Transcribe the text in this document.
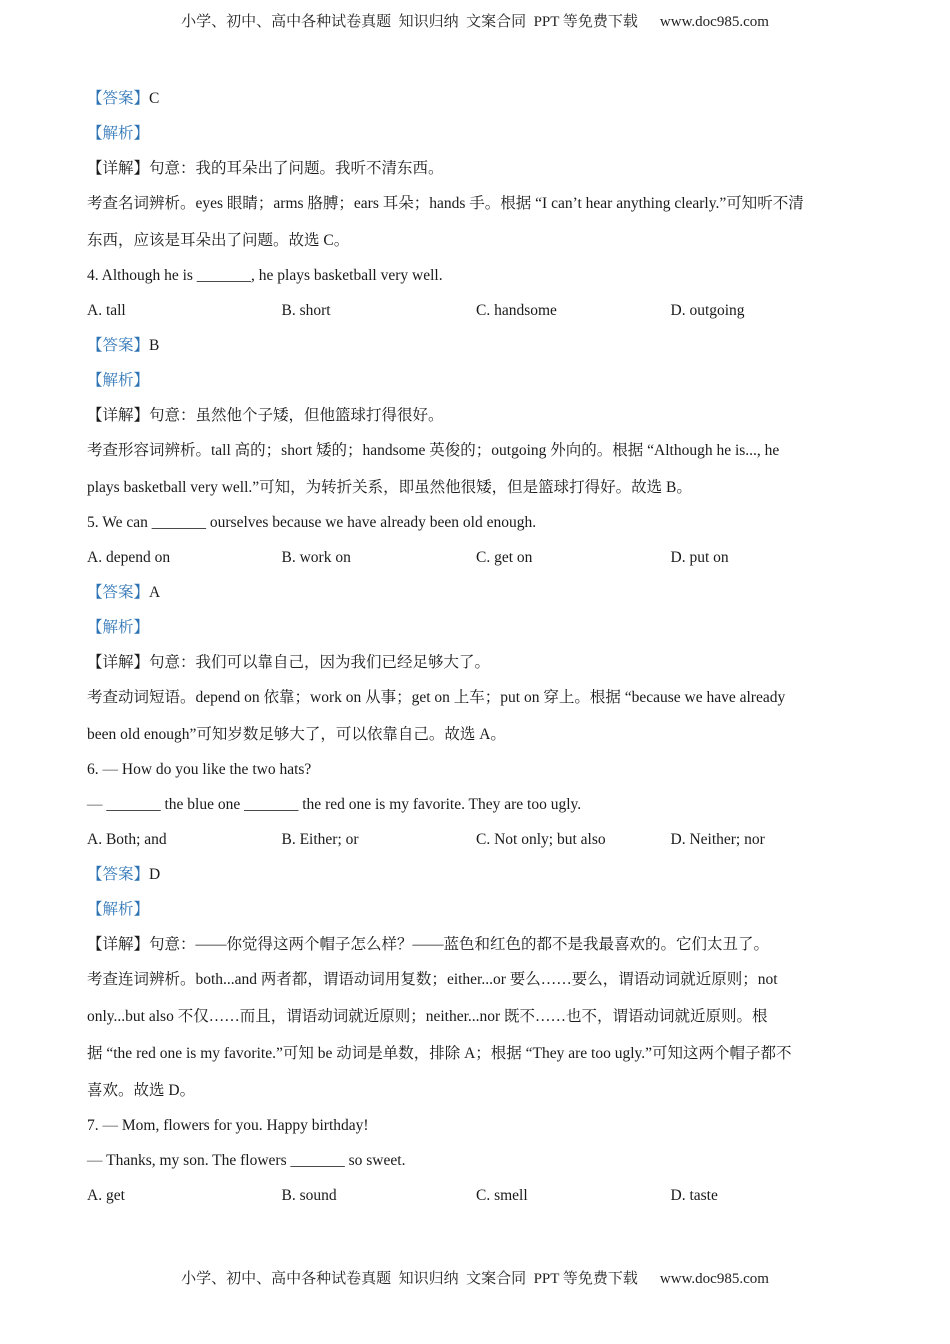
小学、初中、高中各种试卷真题  知识归纳  文案合同  PPT 等免费下载 www.doc985.com
【答案】C
【解析】
【详解】句意：我的耳朵出了问题。我听不清东西。
考查名词辨析。eyes 眼睛；arms 胳膊；ears 耳朵；hands 手。根据 “I can’t hear anything clearly.”可知听不清
东西，应该是耳朵出了问题。故选 C。
4. Although he is _______, he plays basketball very well.
A. tall	B. short	C. handsome	D. outgoing
【答案】B
【解析】
【详解】句意：虽然他个子矮，但他篮球打得很好。
考查形容词辨析。tall 高的；short 矮的；handsome 英俊的；outgoing 外向的。根据 “Although he is..., he
plays basketball very well.”可知，为转折关系，即虽然他很矮，但是篮球打得好。故选 B。
5. We can _______ ourselves because we have already been old enough.
A. depend on	B. work on	C. get on	D. put on
【答案】A
【解析】
【详解】句意：我们可以靠自己，因为我们已经足够大了。
考查动词短语。depend on 依靠；work on 从事；get on 上车；put on 穿上。根据 “because we have already
been old enough”可知岁数足够大了，可以依靠自己。故选 A。
6. — How do you like the two hats?
— _______ the blue one _______ the red one is my favorite. They are too ugly.
A. Both; and	B. Either; or	C. Not only; but also	D. Neither; nor
【答案】D
【解析】
【详解】句意：——你觉得这两个帽子怎么样？——蓝色和红色的都不是我最喜欢的。它们太丑了。
考查连词辨析。both...and 两者都，谓语动词用复数；either...or 要么……要么，谓语动词就近原则；not
only...but also 不仅……而且，谓语动词就近原则；neither...nor 既不……也不，谓语动词就近原则。根
据 “the red one is my favorite.”可知 be 动词是单数，排除 A；根据 “They are too ugly.”可知这两个帽子都不
喜欢。故选 D。
7. — Mom, flowers for you. Happy birthday!
— Thanks, my son. The flowers _______ so sweet.
A. get	B. sound	C. smell	D. taste
小学、初中、高中各种试卷真题  知识归纳  文案合同  PPT 等免费下载 www.doc985.com
